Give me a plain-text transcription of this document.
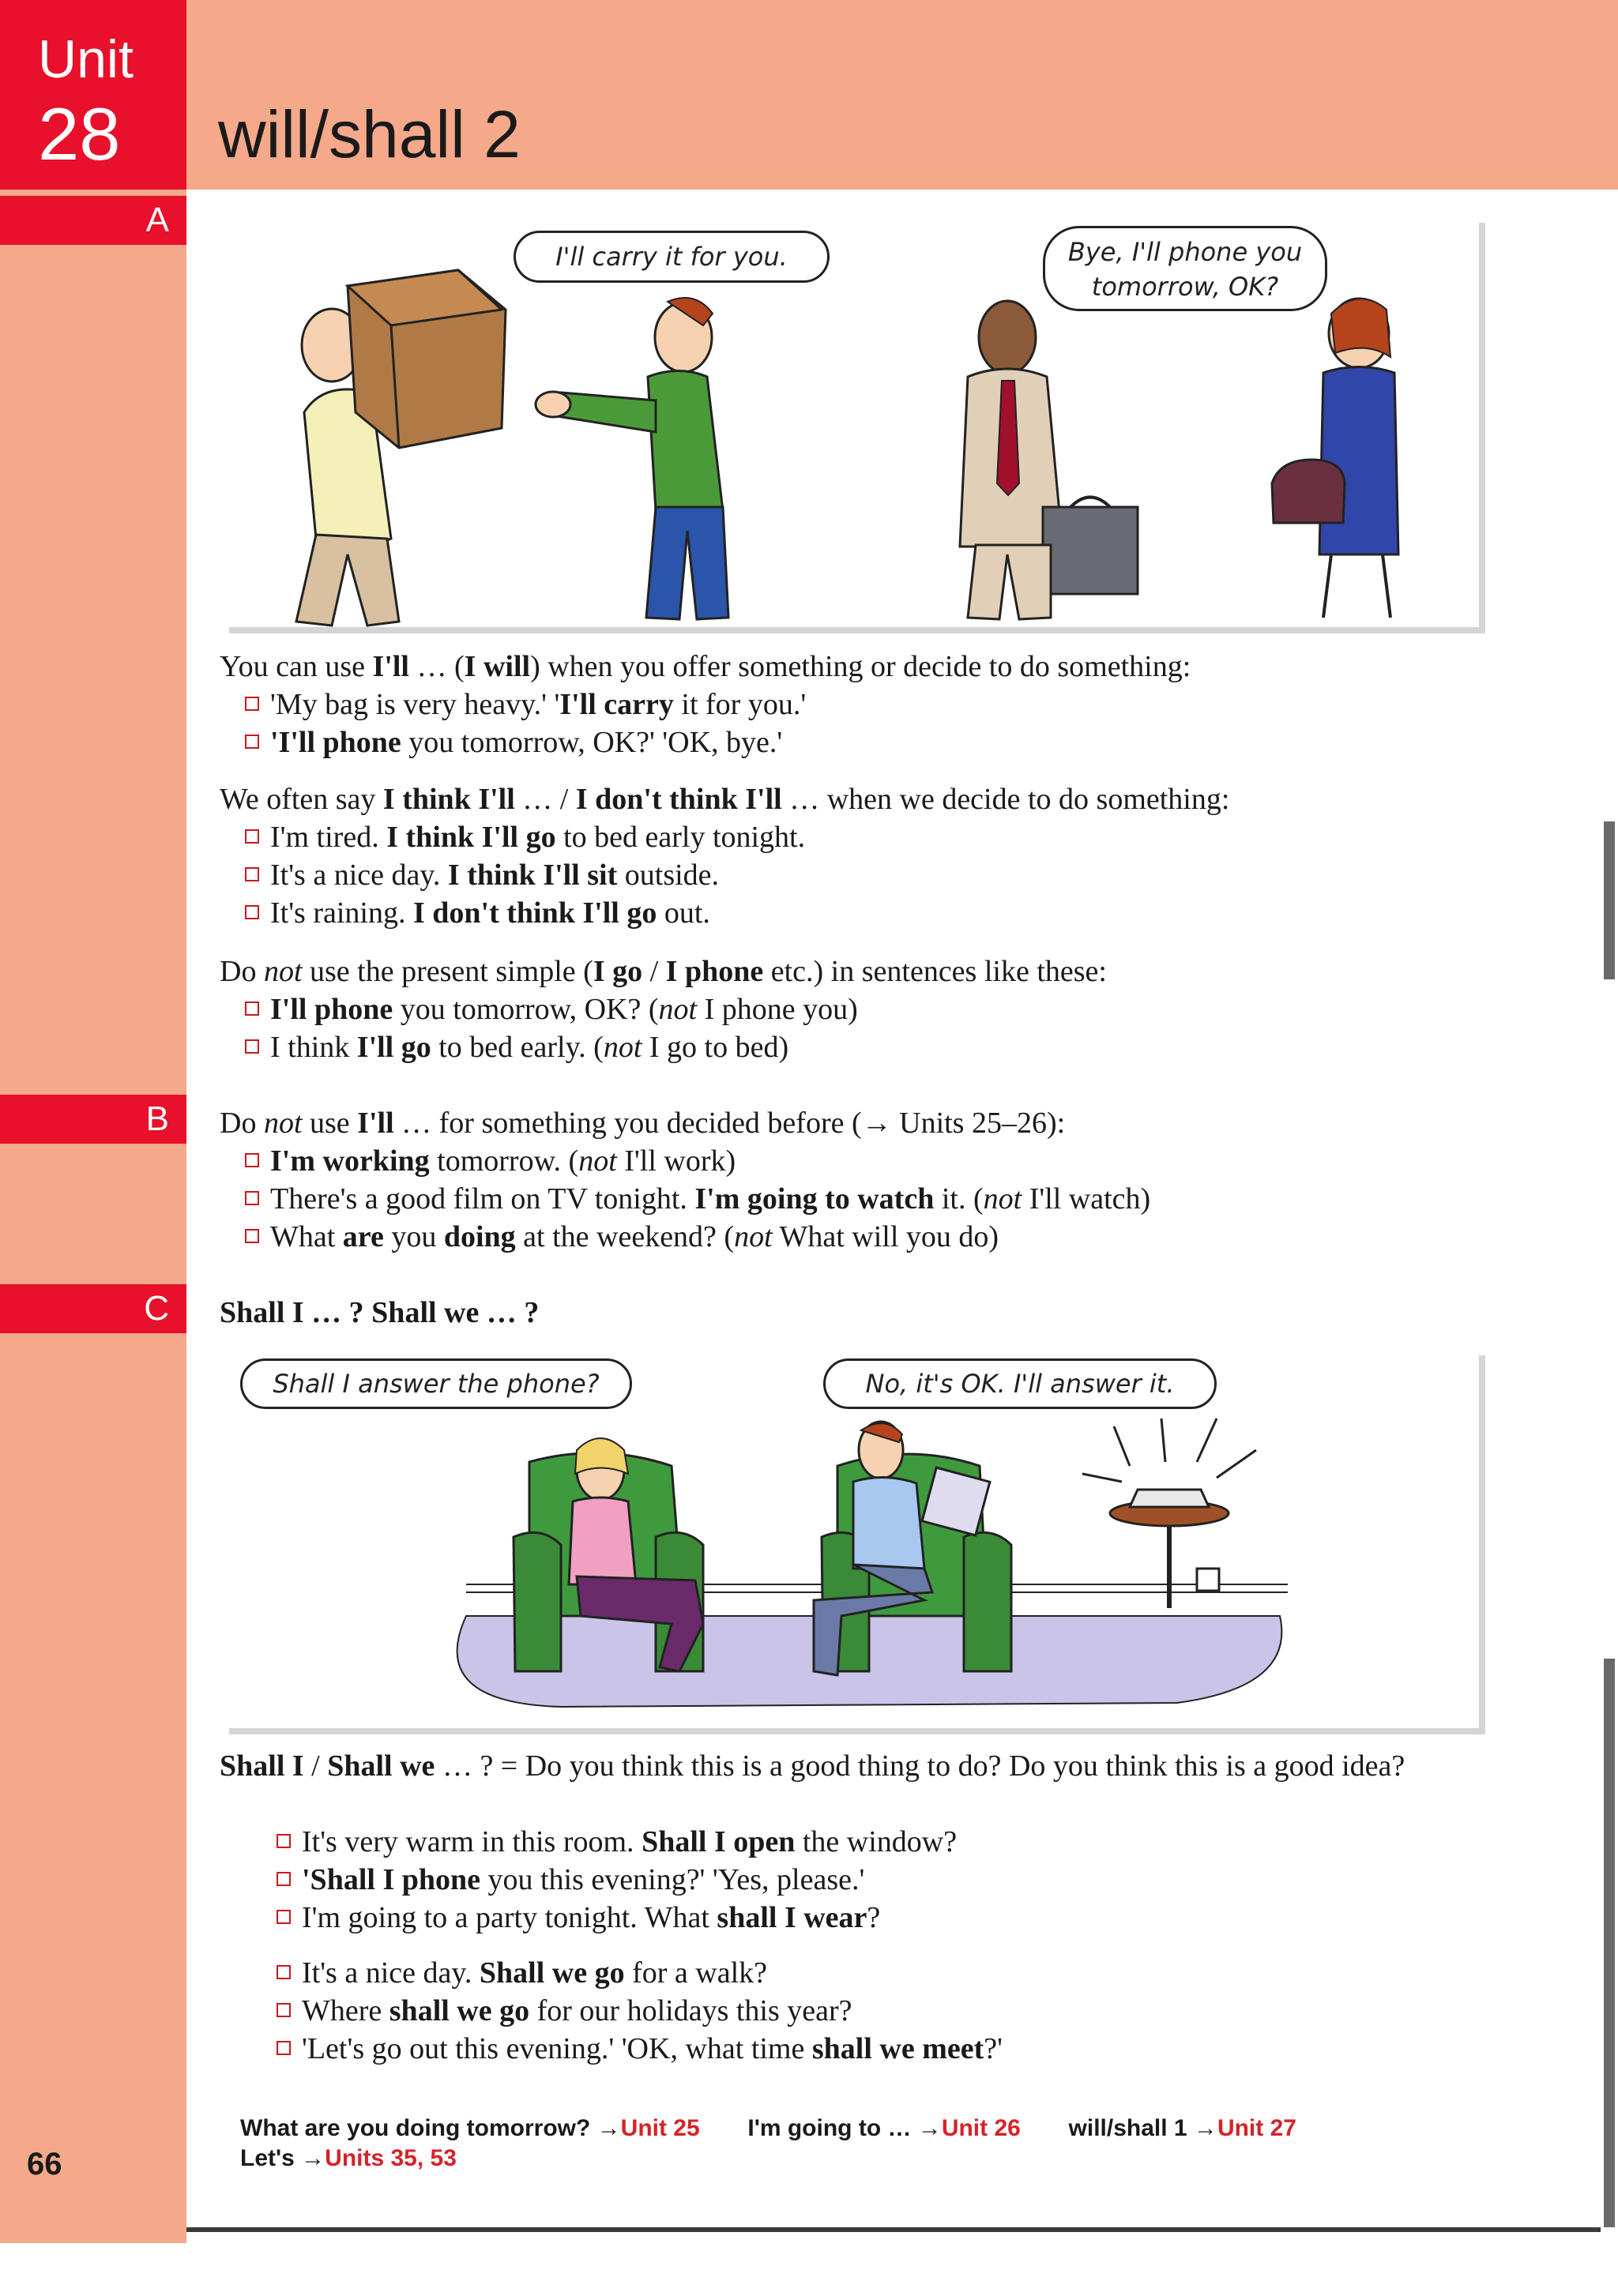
Unit
28 will/shall 2
A
B
C
66
I'll carry it for you.	Bye, I'll phone you
tomorrow, OK?
You can use I'll … (I will) when you offer something or decide to do something:
'My bag is very heavy.' 'I'll carry it for you.'
'I'll phone you tomorrow, OK?' 'OK, bye.'
We often say I think I'll … / I don't think I'll … when we decide to do something:
I'm tired. I think I'll go to bed early tonight.
It's a nice day. I think I'll sit outside.
It's raining. I don't think I'll go out.
Do not use the present simple (I go / I phone etc.) in sentences like these:
I'll phone you tomorrow, OK? (not I phone you)
I think I'll go to bed early. (not I go to bed)
Do not use I'll … for something you decided before (→ Units 25–26):
I'm working tomorrow. (not I'll work)
There's a good film on TV tonight. I'm going to watch it. (not I'll watch)
What are you doing at the weekend? (not What will you do)
Shall I … ? Shall we … ?
Shall I answer the phone?	No, it's OK. I'll answer it.
Shall I / Shall we … ? = Do you think this is a good thing to do? Do you think this is a good idea?
It's very warm in this room. Shall I open the window?
'Shall I phone you this evening?' 'Yes, please.'
I'm going to a party tonight. What shall I wear?
It's a nice day. Shall we go for a walk?
Where shall we go for our holidays this year?
'Let's go out this evening.' 'OK, what time shall we meet?'
What are you doing tomorrow? →Unit 25 I'm going to … →Unit 26 will/shall 1 →Unit 27
Let's →Units 35, 53
